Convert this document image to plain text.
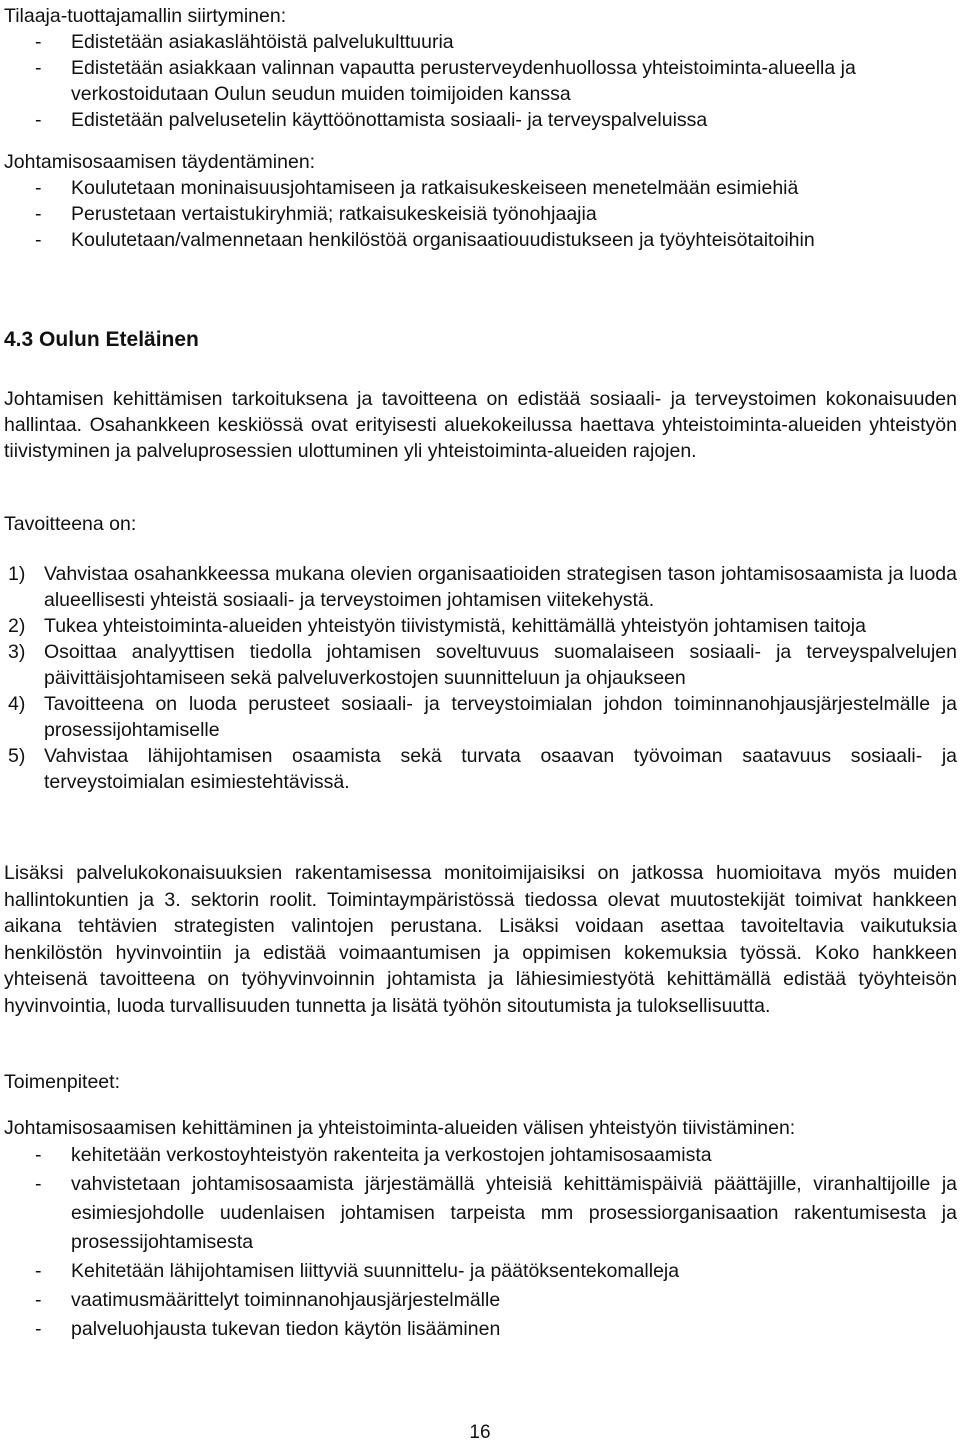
Tilaaja-tuottajamallin siirtyminen:

- Edistetään asiakaslähtöistä palvelukulttuuria
- Edistetään asiakkaan valinnan vapautta perusterveydenhuollossa yhteistoiminta-alueella ja verkostoidutaan Oulun seudun muiden toimijoiden kanssa
- Edistetään palvelusetelin käyttöönottamista sosiaali- ja terveyspalveluissa

Johtamisosaamisen täydentäminen:

- Koulutetaan moninaisuusjohtamiseen ja ratkaisukeskeiseen menetelmään esimiehiä
- Perustetaan vertaistukiryhmiä; ratkaisukeskeisiä työnohjaajia
- Koulutetaan/valmennetaan henkilöstöä organisaatiouudistukseen ja työyhteisötaitoihin
4.3 Oulun Eteläinen

Johtamisen kehittämisen tarkoituksena ja tavoitteena on edistää sosiaali- ja terveystoimen kokonaisuuden hallintaa. Osahankkeen keskiössä ovat erityisesti aluekokeilussa haettava yhteistoiminta-alueiden yhteistyön tiivistyminen ja palveluprosessien ulottuminen yli yhteistoiminta-alueiden rajojen.

Tavoitteena on:

1) Vahvistaa osahankkeessa mukana olevien organisaatioiden strategisen tason johtamisosaamista ja luoda alueellisesti yhteistä sosiaali- ja terveystoimen johtamisen viitekehystä.
2) Tukea yhteistoiminta-alueiden yhteistyön tiivistymistä, kehittämällä yhteistyön johtamisen taitoja
3) Osoittaa analyyttisen tiedolla johtamisen soveltuvuus suomalaiseen sosiaali- ja terveyspalvelujen päivittäisjohtamiseen sekä palveluverkostojen suunnitteluun ja ohjaukseen
4) Tavoitteena on luoda perusteet sosiaali- ja terveystoimialan johdon toiminnanohjausjärjestelmälle ja prosessijohtamiselle
5) Vahvistaa lähijohtamisen osaamista sekä turvata osaavan työvoiman saatavuus sosiaali- ja terveystoimialan esimiestehtävissä.

Lisäksi palvelukokonaisuuksien rakentamisessa monitoimijaisiksi on jatkossa huomioitava myös muiden hallintokuntien ja 3. sektorin roolit. Toimintaympäristössä tiedossa olevat muutostekijät toimivat hankkeen aikana tehtävien strategisten valintojen perustana. Lisäksi voidaan asettaa tavoiteltavia vaikutuksia henkilöstön hyvinvointiin ja edistää voimaantumisen ja oppimisen kokemuksia työssä. Koko hankkeen yhteisenä tavoitteena on työhyvinvoinnin johtamista ja lähiesimiestyötä kehittämällä edistää työyhteisön hyvinvointia, luoda turvallisuuden tunnetta ja lisätä työhön sitoutumista ja tuloksellisuutta.

Toimenpiteet:

Johtamisosaamisen kehittäminen ja yhteistoiminta-alueiden välisen yhteistyön tiivistäminen:

- kehitetään verkostoyhteistyön rakenteita ja verkostojen johtamisosaamista
- vahvistetaan johtamisosaamista järjestämällä yhteisiä kehittämispäiviä päättäjille, viranhaltijoille ja esimiesjohdolle uudenlaisen johtamisen tarpeista mm prosessiorganisaation rakentumisesta ja prosessijohtamisesta
- Kehitetään lähijohtamisen liittyviä suunnittelu- ja päätöksentekomalleja
- vaatimusmäärittelyt toiminnanohjausjärjestelmälle
- palveluohjausta tukevan tiedon käytön lisääminen
16
